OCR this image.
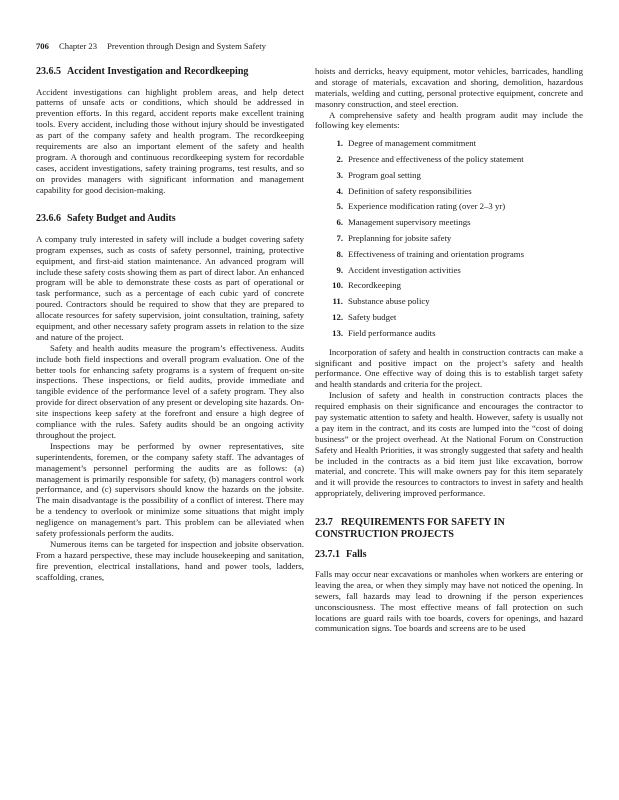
706 Chapter 23 Prevention through Design and System Safety
23.6.5 Accident Investigation and Recordkeeping

Accident investigations can highlight problem areas, and help detect patterns of unsafe acts or conditions, which should be addressed in prevention efforts. In this regard, accident reports make excellent training tools. Every accident, including those without injury should be investigated as part of the company safety and health program. The recordkeeping requirements are also an important element of the safety and health program. A thorough and continuous recordkeeping system for recordable cases, accident investigations, safety training programs, test results, and so on provides managers with significant information and management capability for good decision-making.

23.6.6 Safety Budget and Audits

A company truly interested in safety will include a budget covering safety program expenses, such as costs of safety personnel, training, protective equipment, and first-aid station maintenance. An advanced program will include these safety costs showing them as part of direct labor. An enhanced program will be able to demonstrate these costs as part of operational or task performance, such as a percentage of each cubic yard of concrete poured. Contractors should be required to show that they are prepared to allocate resources for safety supervision, joint consultation, training, safety equipment, and other necessary safety program assets in relation to the size and nature of the project.

Safety and health audits measure the program’s effectiveness. Audits include both field inspections and overall program evaluation. One of the better tools for enhancing safety programs is a system of frequent on-site inspections. These inspections, or field audits, provide immediate and tangible evidence of the performance level of a safety program. They also provide for direct observation of any present or developing site hazards. On-site inspections keep safety at the forefront and ensure a high degree of compliance with the rules. Safety audits should be an ongoing activity throughout the project.

Inspections may be performed by owner representatives, site superintendents, foremen, or the company safety staff. The advantages of management’s personnel performing the audits are as follows: (a) management is primarily responsible for safety, (b) managers control work performance, and (c) supervisors should know the hazards on the jobsite. The main disadvantage is the possibility of a conflict of interest. There may be a tendency to overlook or minimize some situations that might imply negligence on management’s part. This problem can be alleviated when safety professionals perform the audits.

Numerous items can be targeted for inspection and jobsite observation. From a hazard perspective, these may include housekeeping and sanitation, fire prevention, electrical installations, hand and power tools, ladders, scaffolding, cranes,

hoists and derricks, heavy equipment, motor vehicles, barricades, handling and storage of materials, excavation and shoring, demolition, hazardous materials, welding and cutting, personal protective equipment, concrete and masonry construction, and steel erection.

A comprehensive safety and health program audit may include the following key elements:

1. Degree of management commitment
2. Presence and effectiveness of the policy statement
3. Program goal setting
4. Definition of safety responsibilities
5. Experience modification rating (over 2–3 yr)
6. Management supervisory meetings
7. Preplanning for jobsite safety
8. Effectiveness of training and orientation programs
9. Accident investigation activities
10. Recordkeeping
11. Substance abuse policy
12. Safety budget
13. Field performance audits

Incorporation of safety and health in construction contracts can make a significant and positive impact on the project’s safety and health performance. One effective way of doing this is to establish target safety and health standards and criteria for the project.

Inclusion of safety and health in construction contracts places the required emphasis on their significance and encourages the contractor to pay systematic attention to safety and health. However, safety is usually not a pay item in the contract, and its costs are lumped into the “cost of doing business” or the project overhead. At the National Forum on Construction Safety and Health Priorities, it was strongly suggested that safety and health be included in the contracts as a bid item just like excavation, borrow material, and concrete. This will make owners pay for this item separately and it will provide the resources to contractors to invest in safety and health appropriately, delivering improved performance.

23.7 REQUIREMENTS FOR SAFETY IN CONSTRUCTION PROJECTS
23.7.1 Falls

Falls may occur near excavations or manholes when workers are entering or leaving the area, or when they simply may have not noticed the opening. In sewers, fall hazards may lead to drowning if the person experiences unconsciousness. The most effective means of fall protection on such locations are guard rails with toe boards, covers for openings, and hazard communication signs. Toe boards and screens are to be used
